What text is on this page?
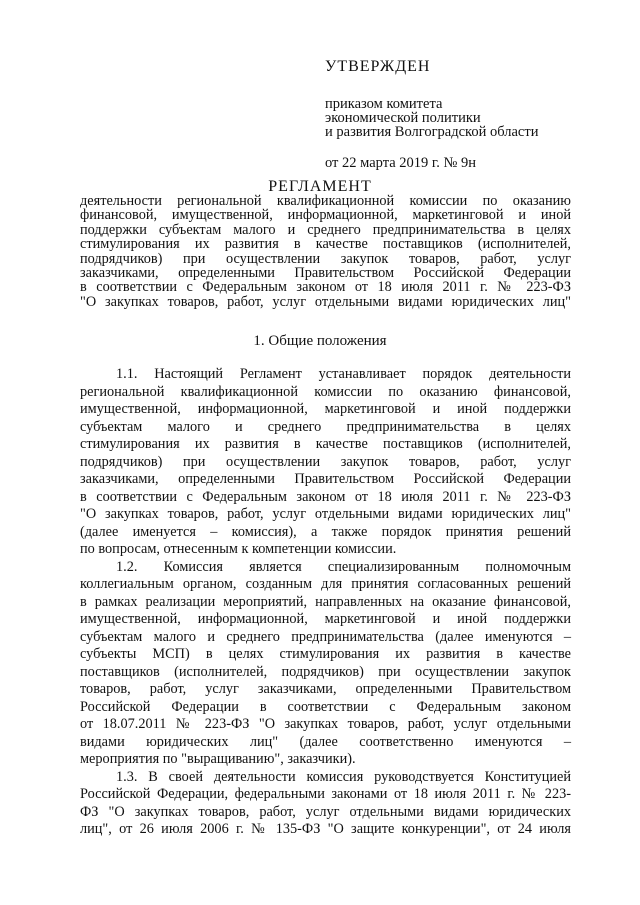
УТВЕРЖДЕН
приказом комитета
экономической политики
и развития Волгоградской области
от 22 марта 2019 г. № 9н
РЕГЛАМЕНТ
деятельности региональной квалификационной комиссии по оказанию
финансовой, имущественной, информационной, маркетинговой и иной
поддержки субъектам малого и среднего предпринимательства в целях
стимулирования их развития в качестве поставщиков (исполнителей,
подрядчиков) при осуществлении закупок товаров, работ, услуг
заказчиками, определенными Правительством Российской Федерации
в соответствии с Федеральным законом от 18 июля 2011 г. № 223-ФЗ
"О закупках товаров, работ, услуг отдельными видами юридических лиц"
1. Общие положения
1.1. Настоящий Регламент устанавливает порядок деятельности
региональной квалификационной комиссии по оказанию финансовой,
имущественной, информационной, маркетинговой и иной поддержки
субъектам малого и среднего предпринимательства в целях
стимулирования их развития в качестве поставщиков (исполнителей,
подрядчиков) при осуществлении закупок товаров, работ, услуг
заказчиками, определенными Правительством Российской Федерации
в соответствии с Федеральным законом от 18 июля 2011 г. № 223-ФЗ
"О закупках товаров, работ, услуг отдельными видами юридических лиц"
(далее именуется – комиссия), а также порядок принятия решений
по вопросам, отнесенным к компетенции комиссии.
1.2. Комиссия является специализированным полномочным
коллегиальным органом, созданным для принятия согласованных решений
в рамках реализации мероприятий, направленных на оказание финансовой,
имущественной, информационной, маркетинговой и иной поддержки
субъектам малого и среднего предпринимательства (далее именуются –
субъекты МСП) в целях стимулирования их развития в качестве
поставщиков (исполнителей, подрядчиков) при осуществлении закупок
товаров, работ, услуг заказчиками, определенными Правительством
Российской Федерации в соответствии с Федеральным законом
от 18.07.2011 № 223-ФЗ "О закупках товаров, работ, услуг отдельными
видами юридических лиц" (далее соответственно именуются –
мероприятия по "выращиванию", заказчики).
1.3. В своей деятельности комиссия руководствуется Конституцией
Российской Федерации, федеральными законами от 18 июля 2011 г. № 223-
ФЗ "О закупках товаров, работ, услуг отдельными видами юридических
лиц", от 26 июля 2006 г. № 135-ФЗ "О защите конкуренции", от 24 июля
